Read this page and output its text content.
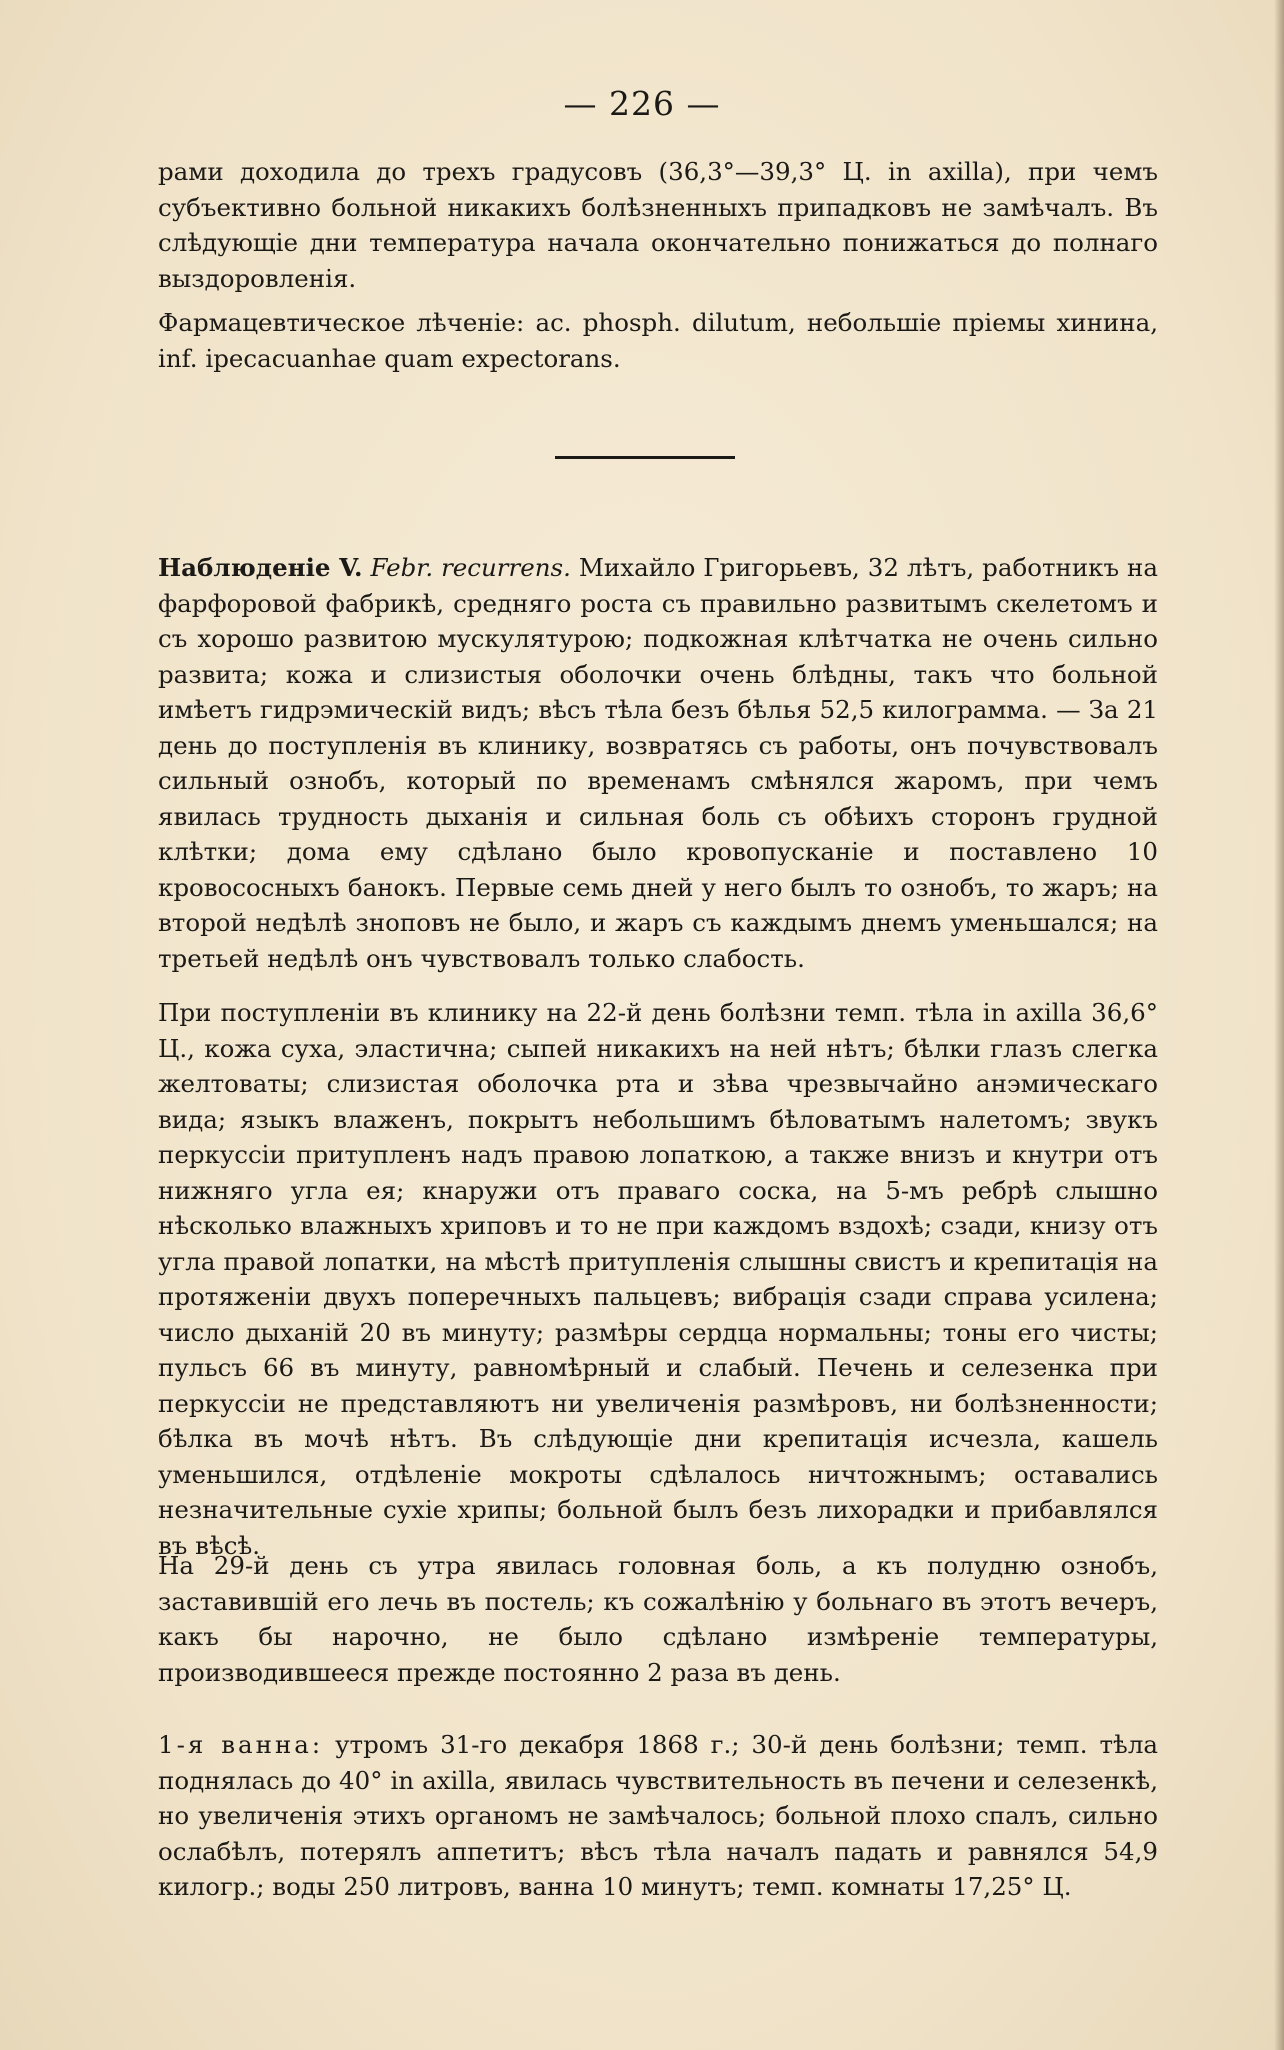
— 226 —

рами доходила до трехъ градусовъ (36,3°—39,3° Ц. in axilla), при чемъ субъективно больной никакихъ болѣзненныхъ припадковъ не замѣчалъ. Въ слѣдующіе дни температура начала окончательно понижаться до полнаго выздоровленія.

Фармацевтическое лѣченіе: ac. phosph. dilutum, небольшіе пріемы хинина, inf. ipecacuanhae quam expectorans.

Наблюденіе V. Febr. recurrens. Михайло Григорьевъ, 32 лѣтъ, работникъ на фарфоровой фабрикѣ, средняго роста съ правильно развитымъ скелетомъ и съ хорошо развитою мускулятурою; подкожная клѣтчатка не очень сильно развита; кожа и слизистыя оболочки очень блѣдны, такъ что больной имѣетъ гидрэмическій видъ; вѣсъ тѣла безъ бѣлья 52,5 килограмма. — За 21 день до поступленія въ клинику, возвратясь съ работы, онъ почувствовалъ сильный ознобъ, который по временамъ смѣнялся жаромъ, при чемъ явилась трудность дыханія и сильная боль съ обѣихъ сторонъ грудной клѣтки; дома ему сдѣлано было кровопусканіе и поставлено 10 кровососныхъ банокъ. Первые семь дней у него былъ то ознобъ, то жаръ; на второй недѣлѣ зноповъ не было, и жаръ съ каждымъ днемъ уменьшался; на третьей недѣлѣ онъ чувствовалъ только слабость.

При поступленіи въ клинику на 22-й день болѣзни темп. тѣла in axilla 36,6° Ц., кожа суха, эластична; сыпей никакихъ на ней нѣтъ; бѣлки глазъ слегка желтоваты; слизистая оболочка рта и зѣва чрезвычайно анэмическаго вида; языкъ влаженъ, покрытъ небольшимъ бѣловатымъ налетомъ; звукъ перкуссіи притупленъ надъ правою лопаткою, а также внизъ и кнутри отъ нижняго угла ея; кнаружи отъ праваго соска, на 5-мъ ребрѣ слышно нѣсколько влажныхъ хриповъ и то не при каждомъ вздохѣ; сзади, книзу отъ угла правой лопатки, на мѣстѣ притупленія слышны свистъ и крепитація на протяженіи двухъ поперечныхъ пальцевъ; вибрація сзади справа усилена; число дыханій 20 въ минуту; размѣры сердца нормальны; тоны его чисты; пульсъ 66 въ минуту, равномѣрный и слабый. Печень и селезенка при перкуссіи не представляютъ ни увеличенія размѣровъ, ни болѣзненности; бѣлка въ мочѣ нѣтъ. Въ слѣдующіе дни крепитація исчезла, кашель уменьшился, отдѣленіе мокроты сдѣлалось ничтожнымъ; оставались незначительные сухіе хрипы; больной былъ безъ лихорадки и прибавлялся въ вѣсѣ.

На 29-й день съ утра явилась головная боль, а къ полудню ознобъ, заставившій его лечь въ постель; къ сожалѣнію у больнаго въ этотъ вечеръ, какъ бы нарочно, не было сдѣлано измѣреніе температуры, производившееся прежде постоянно 2 раза въ день.

1-я ванна: утромъ 31-го декабря 1868 г.; 30-й день болѣзни; темп. тѣла поднялась до 40° in axilla, явилась чувствительность въ печени и селезенкѣ, но увеличенія этихъ органомъ не замѣчалось; больной плохо спалъ, сильно ослабѣлъ, потерялъ аппетитъ; вѣсъ тѣла началъ падать и равнялся 54,9 килогр.; воды 250 литровъ, ванна 10 минутъ; темп. комнаты 17,25° Ц.
